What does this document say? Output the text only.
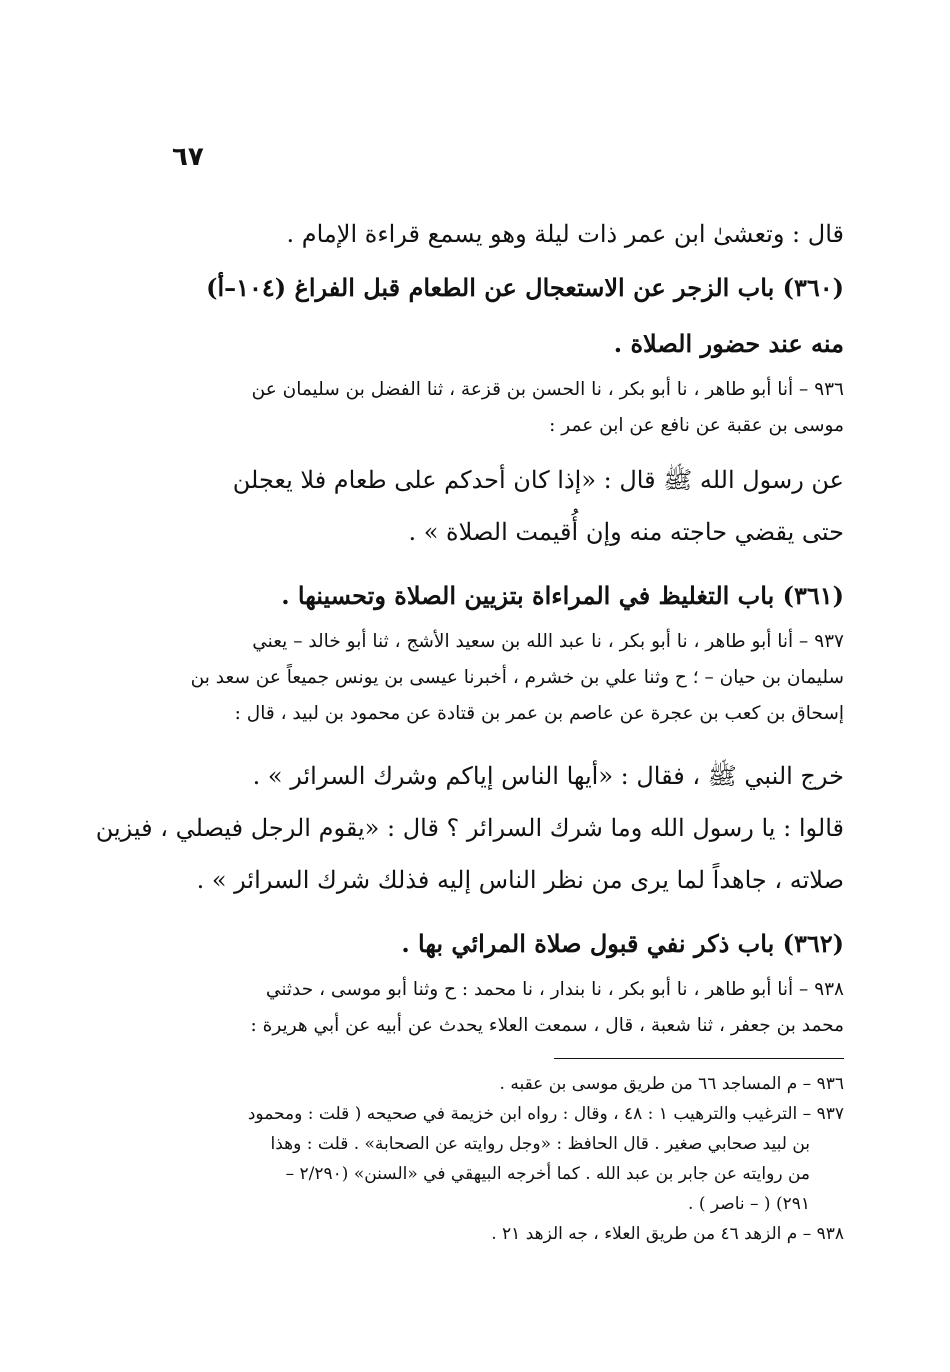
٦٧
قال : وتعشىٰ ابن عمر ذات ليلة وهو يسمع قراءة الإمام .
(٣٦٠) باب الزجر عن الاستعجال عن الطعام قبل الفراغ (١٠٤–أ)
منه عند حضور الصلاة .
٩٣٦ – أنا أبو طاهر ، نا أبو بكر ، نا الحسن بن قزعة ، ثنا الفضل بن سليمان عن
موسى بن عقبة عن نافع عن ابن عمر :
عن رسول الله ﷺ قال : «إذا كان أحدكم على طعام فلا يعجلن
حتى يقضي حاجته منه وإن أُقيمت الصلاة » .
(٣٦١) باب التغليظ في المراءاة بتزيين الصلاة وتحسينها .
٩٣٧ – أنا أبو طاهر ، نا أبو بكر ، نا عبد الله بن سعيد الأشج ، ثنا أبو خالد – يعني
سليمان بن حيان – ؛ ح وثنا علي بن خشرم ، أخبرنا عيسى بن يونس جميعاً عن سعد بن
إسحاق بن كعب بن عجرة عن عاصم بن عمر بن قتادة عن محمود بن لبيد ، قال :
خرج النبي ﷺ ، فقال : «أيها الناس إياكم وشرك السرائر » .
قالوا : يا رسول الله وما شرك السرائر ؟ قال : «يقوم الرجل فيصلي ، فيزين
صلاته ، جاهداً لما يرى من نظر الناس إليه فذلك شرك السرائر » .
(٣٦٢) باب ذكر نفي قبول صلاة المرائي بها .
٩٣٨ – أنا أبو طاهر ، نا أبو بكر ، نا بندار ، نا محمد : ح وثنا أبو موسى ، حدثني
محمد بن جعفر ، ثنا شعبة ، قال ، سمعت العلاء يحدث عن أبيه عن أبي هريرة :
٩٣٦ – م المساجد ٦٦ من طريق موسى بن عقبه .
٩٣٧ – الترغيب والترهيب ١ : ٤٨ ، وقال : رواه ابن خزيمة في صحيحه ( قلت : ومحمود
بن لبيد صحابي صغير . قال الحافظ : «وجل روايته عن الصحابة» . قلت : وهذا
من روايته عن جابر بن عبد الله . كما أخرجه البيهقي في «السنن» (٢/٢٩٠ –
٢٩١) ( – ناصر ) .
٩٣٨ – م الزهد ٤٦ من طريق العلاء ، جه الزهد ٢١ .
